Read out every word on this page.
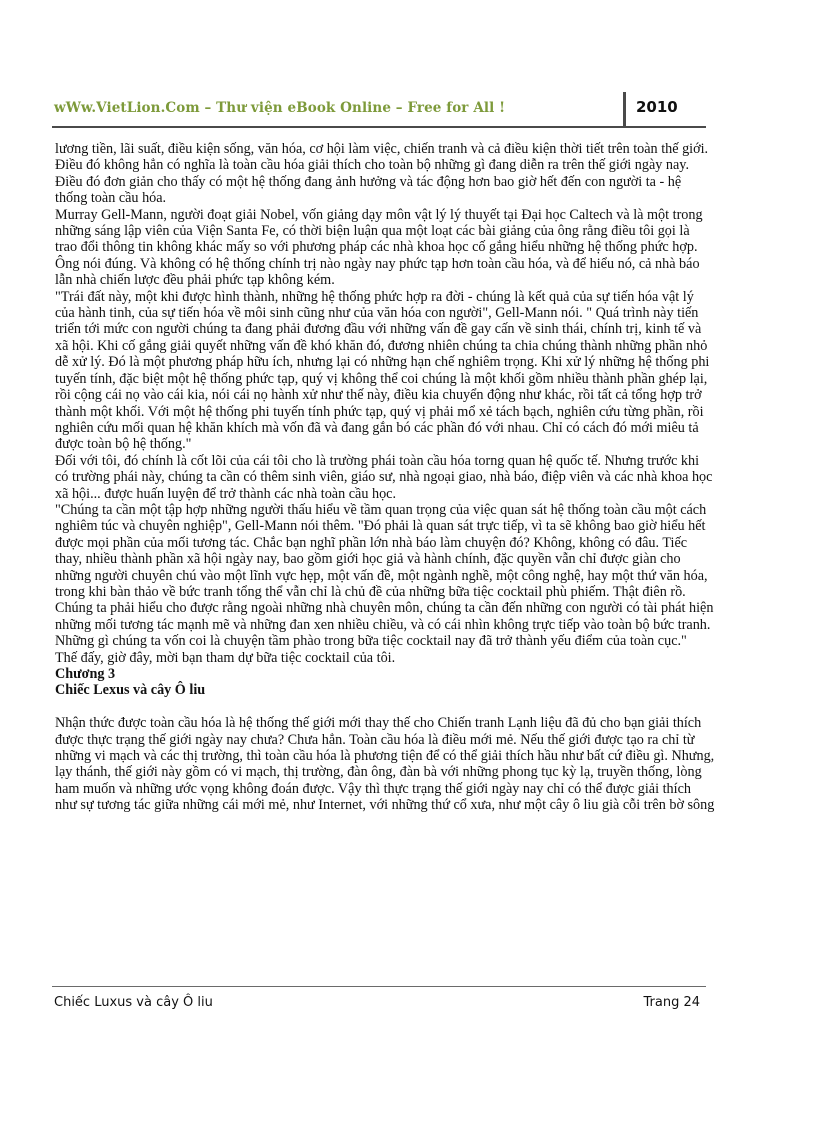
wWw.VietLion.Com – Thư viện eBook Online – Free for All !	2010

lương tiền, lãi suất, điều kiện sống, văn hóa, cơ hội làm việc, chiến tranh và cả điều kiện thời tiết trên toàn thế giới. Điều đó không hẳn có nghĩa là toàn cầu hóa giải thích cho toàn bộ những gì đang diễn ra trên thế giới ngày nay. Điều đó đơn giản cho thấy có một hệ thống đang ảnh hưởng và tác động hơn bao giờ hết đến con người ta - hệ thống toàn cầu hóa.

Murray Gell-Mann, người đoạt giải Nobel, vốn giảng dạy môn vật lý lý thuyết tại Đại học Caltech và là một trong những sáng lập viên của Viện Santa Fe, có thời biện luận qua một loạt các bài giảng của ông rằng điều tôi gọi là trao đổi thông tin không khác mấy so với phương pháp các nhà khoa học cố gắng hiểu những hệ thống phức hợp. Ông nói đúng. Và không có hệ thống chính trị nào ngày nay phức tạp hơn toàn cầu hóa, và để hiểu nó, cả nhà báo lẫn nhà chiến lược đều phải phức tạp không kém.

"Trái đất này, một khi được hình thành, những hệ thống phức hợp ra đời - chúng là kết quả của sự tiến hóa vật lý của hành tinh, của sự tiến hóa về môi sinh cũng như của văn hóa con người", Gell-Mann nói. " Quá trình này tiến triển tới mức con người chúng ta đang phải đương đầu với những vấn đề gay cấn về sinh thái, chính trị, kinh tế và xã hội. Khi cố gắng giải quyết những vấn đề khó khăn đó, đương nhiên chúng ta chia chúng thành những phần nhỏ dễ xử lý. Đó là một phương pháp hữu ích, nhưng lại có những hạn chế nghiêm trọng. Khi xử lý những hệ thống phi tuyến tính, đặc biệt một hệ thống phức tạp, quý vị không thể coi chúng là một khối gồm nhiều thành phần ghép lại, rồi cộng cái nọ vào cái kia, nói cái nọ hành xử như thế này, điều kia chuyển động như khác, rồi tất cả tổng hợp trở thành một khối. Với một hệ thống phi tuyến tính phức tạp, quý vị phải mổ xẻ tách bạch, nghiên cứu từng phần, rồi nghiên cứu mối quan hệ khăn khích mà vốn đã và đang gắn bó các phần đó với nhau. Chỉ có cách đó mới miêu tả được toàn bộ hệ thống."

Đối với tôi, đó chính là cốt lõi của cái tôi cho là trường phái toàn cầu hóa torng quan hệ quốc tế. Nhưng trước khi có trường phái này, chúng ta cần có thêm sinh viên, giáo sư, nhà ngoại giao, nhà báo, điệp viên và các nhà khoa học xã hội... được huấn luyện để trở thành các nhà toàn cầu học.

"Chúng ta cần một tập hợp những người thấu hiểu về tầm quan trọng của việc quan sát hệ thống toàn cầu một cách nghiêm túc và chuyên nghiệp", Gell-Mann nói thêm. "Đó phải là quan sát trực tiếp, vì ta sẽ không bao giờ hiểu hết được mọi phần của mối tương tác. Chắc bạn nghĩ phần lớn nhà báo làm chuyện đó? Không, không có đâu. Tiếc thay, nhiều thành phần xã hội ngày nay, bao gồm giới học giả và hành chính, đặc quyền vẫn chỉ được giàn cho những người chuyên chú vào một lĩnh vực hẹp, một vấn đề, một ngành nghề, một công nghệ, hay một thứ văn hóa, trong khi bàn thảo về bức tranh tổng thể vẫn chỉ là chủ đề của những bữa tiệc cocktail phù phiếm. Thật điên rồ. Chúng ta phải hiểu cho được rằng ngoài những nhà chuyên môn, chúng ta cần đến những con người có tài phát hiện những mối tương tác mạnh mẽ và những đan xen nhiều chiều, và có cái nhìn không trực tiếp vào toàn bộ bức tranh. Những gì chúng ta vốn coi là chuyện tầm phào trong bữa tiệc cocktail nay đã trở thành yếu điểm của toàn cục."

Thế đấy, giờ đây, mời bạn tham dự bữa tiệc cocktail của tôi.

Chương 3

Chiếc Lexus và cây Ô liu

Nhận thức được toàn cầu hóa là hệ thống thế giới mới thay thế cho Chiến tranh Lạnh liệu đã đủ cho bạn giải thích được thực trạng thế giới ngày nay chưa? Chưa hẳn. Toàn cầu hóa là điều mới mẻ. Nếu thế giới được tạo ra chỉ từ những vi mạch và các thị trường, thì toàn cầu hóa là phương tiện để có thể giải thích hầu như bất cứ điều gì. Nhưng, lạy thánh, thế giới này gồm có vi mạch, thị trường, đàn ông, đàn bà với những phong tục kỳ lạ, truyền thống, lòng ham muốn và những ước vọng không đoán được. Vậy thì thực trạng thế giới ngày nay chỉ có thể được giải thích như sự tương tác giữa những cái mới mẻ, như Internet, với những thứ cổ xưa, như một cây ô liu già cỗi trên bờ sông

Chiếc Luxus và cây Ô liu	Trang 24
